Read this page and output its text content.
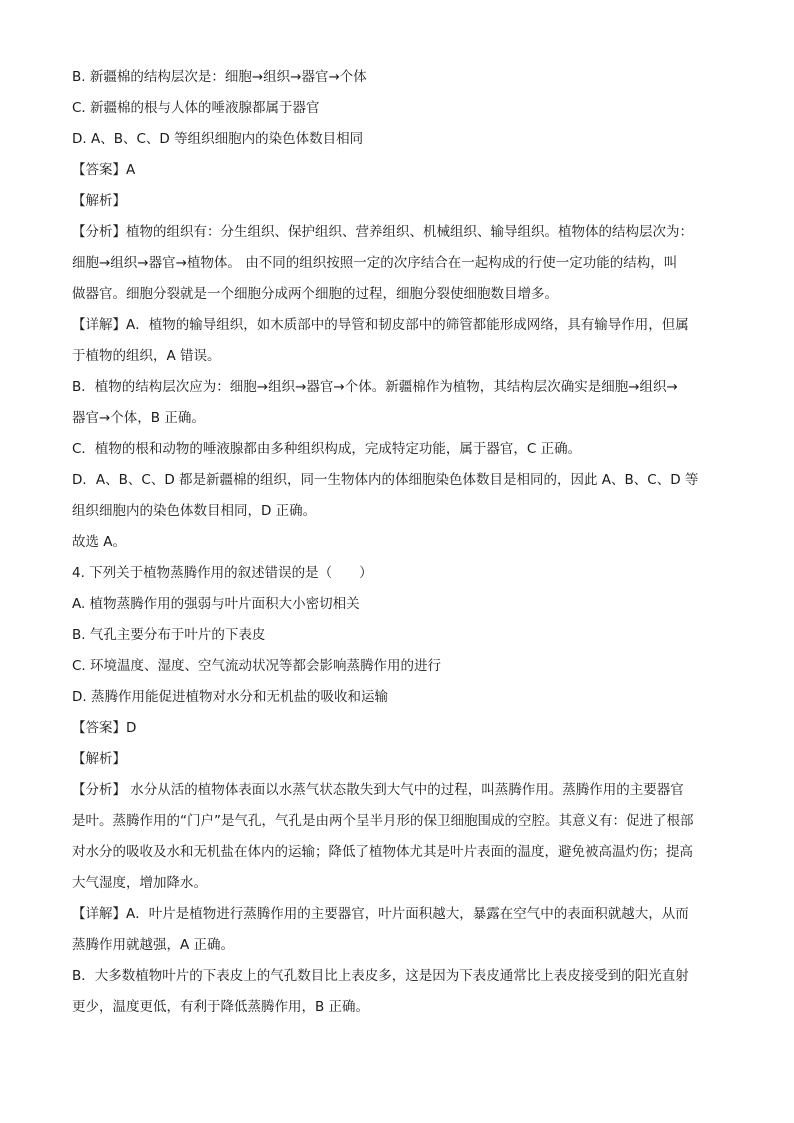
B. 新疆棉的结构层次是：细胞→组织→器官→个体
C. 新疆棉的根与人体的唾液腺都属于器官
D. A、B、C、D 等组织细胞内的染色体数目相同
【答案】A
【解析】
【分析】植物的组织有：分生组织、保护组织、营养组织、机械组织、输导组织。植物体的结构层次为：
细胞→组织→器官→植物体。 由不同的组织按照一定的次序结合在一起构成的行使一定功能的结构，叫
做器官。细胞分裂就是一个细胞分成两个细胞的过程，细胞分裂使细胞数目增多。
【详解】A．植物的输导组织，如木质部中的导管和韧皮部中的筛管都能形成网络，具有输导作用，但属
于植物的组织，A 错误。
B．植物的结构层次应为：细胞→组织→器官→个体。新疆棉作为植物，其结构层次确实是细胞→组织→
器官→个体，B 正确。
C．植物的根和动物的唾液腺都由多种组织构成，完成特定功能，属于器官，C 正确。
D．A、B、C、D 都是新疆棉的组织，同一生物体内的体细胞染色体数目是相同的，因此 A、B、C、D 等
组织细胞内的染色体数目相同，D 正确。
故选 A。
4. 下列关于植物蒸腾作用的叙述错误的是（　　）
A. 植物蒸腾作用的强弱与叶片面积大小密切相关
B. 气孔主要分布于叶片的下表皮
C. 环境温度、湿度、空气流动状况等都会影响蒸腾作用的进行
D. 蒸腾作用能促进植物对水分和无机盐的吸收和运输
【答案】D
【解析】
【分析】 水分从活的植物体表面以水蒸气状态散失到大气中的过程，叫蒸腾作用。蒸腾作用的主要器官
是叶。蒸腾作用的“门户”是气孔，气孔是由两个呈半月形的保卫细胞围成的空腔。其意义有：促进了根部
对水分的吸收及水和无机盐在体内的运输；降低了植物体尤其是叶片表面的温度，避免被高温灼伤；提高
大气湿度，增加降水。
【详解】A．叶片是植物进行蒸腾作用的主要器官，叶片面积越大，暴露在空气中的表面积就越大，从而
蒸腾作用就越强，A 正确。
B．大多数植物叶片的下表皮上的气孔数目比上表皮多，这是因为下表皮通常比上表皮接受到的阳光直射
更少，温度更低，有利于降低蒸腾作用，B 正确。
